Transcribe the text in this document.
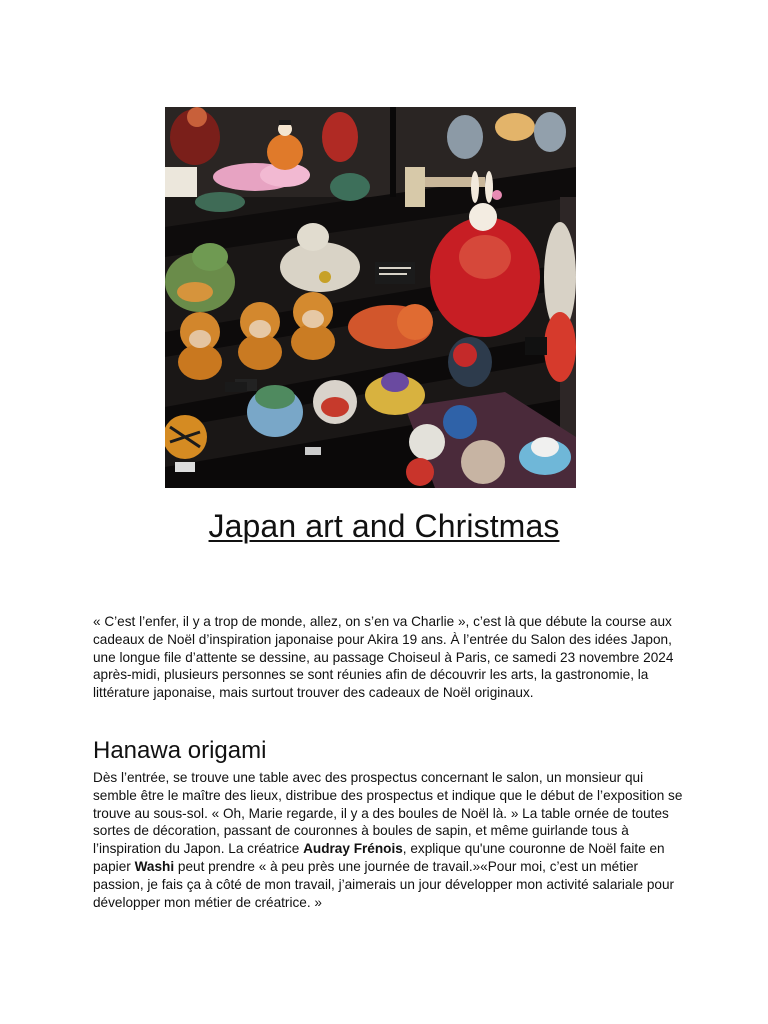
Japan art and Christmas

« C’est l’enfer, il y a trop de monde, allez, on s’en va Charlie », c’est là que débute la course aux cadeaux de Noël d’inspiration japonaise pour Akira 19 ans. À l’entrée du Salon des idées Japon, une longue file d’attente se dessine, au passage Choiseul à Paris, ce samedi 23 novembre 2024 après-midi, plusieurs personnes se sont réunies afin de découvrir les arts, la gastronomie, la littérature japonaise, mais surtout trouver des cadeaux de Noël originaux.

Hanawa origami

Dès l’entrée, se trouve une table avec des prospectus concernant le salon, un monsieur qui semble être le maître des lieux, distribue des prospectus et indique que le début de l’exposition se trouve au sous-sol. « Oh, Marie regarde, il y a des boules de Noël là. » La table ornée de toutes sortes de décoration, passant de couronnes à boules de sapin, et même guirlande tous à l’inspiration du Japon. La créatrice Audray Frénois, explique qu'une couronne de Noël faite en papier Washi peut prendre « à peu près une journée de travail.»«Pour moi, c’est un métier passion, je fais ça à côté de mon travail, j’aimerais un jour développer mon activité salariale pour développer mon métier de créatrice. »
